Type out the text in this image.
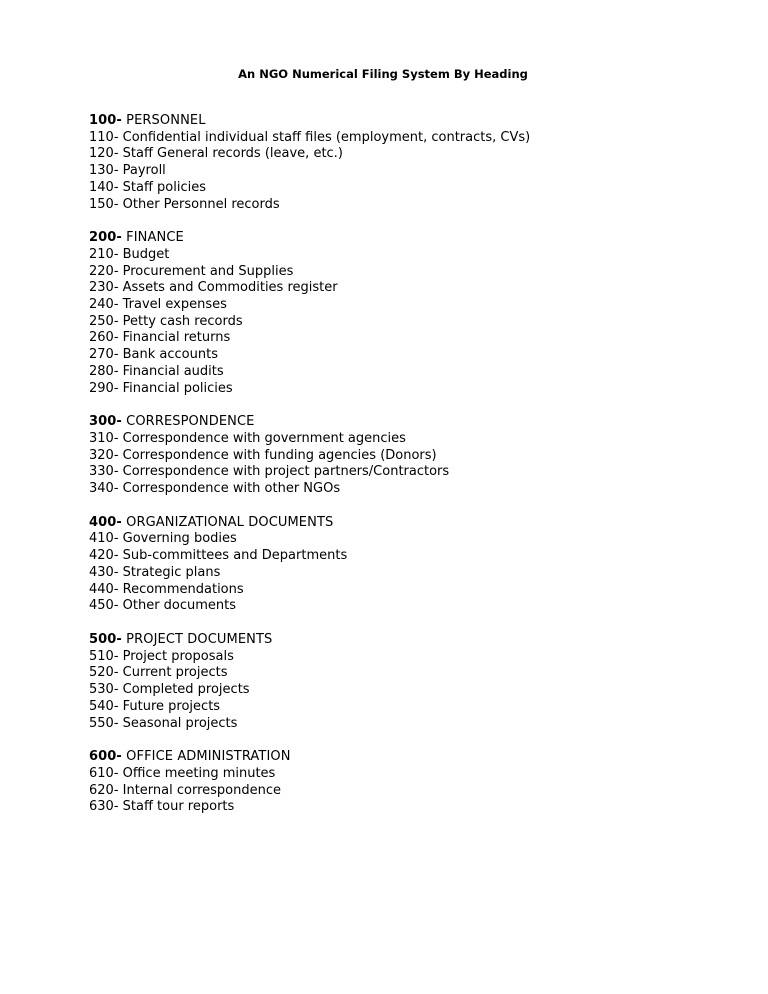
An NGO Numerical Filing System By Heading

100- PERSONNEL

110- Confidential individual staff files (employment, contracts, CVs)

120- Staff General records (leave, etc.)

130- Payroll

140- Staff policies

150- Other Personnel records

200- FINANCE

210- Budget

220- Procurement and Supplies

230- Assets and Commodities register

240- Travel expenses

250- Petty cash records

260- Financial returns

270- Bank accounts

280- Financial audits

290- Financial policies

300- CORRESPONDENCE

310- Correspondence with government agencies

320- Correspondence with funding agencies (Donors)

330- Correspondence with project partners/Contractors

340- Correspondence with other NGOs

400- ORGANIZATIONAL DOCUMENTS

410- Governing bodies

420- Sub-committees and Departments

430- Strategic plans

440- Recommendations

450- Other documents

500- PROJECT DOCUMENTS

510- Project proposals

520- Current projects

530- Completed projects

540- Future projects

550- Seasonal projects

600- OFFICE ADMINISTRATION

610- Office meeting minutes

620- Internal correspondence

630- Staff tour reports
